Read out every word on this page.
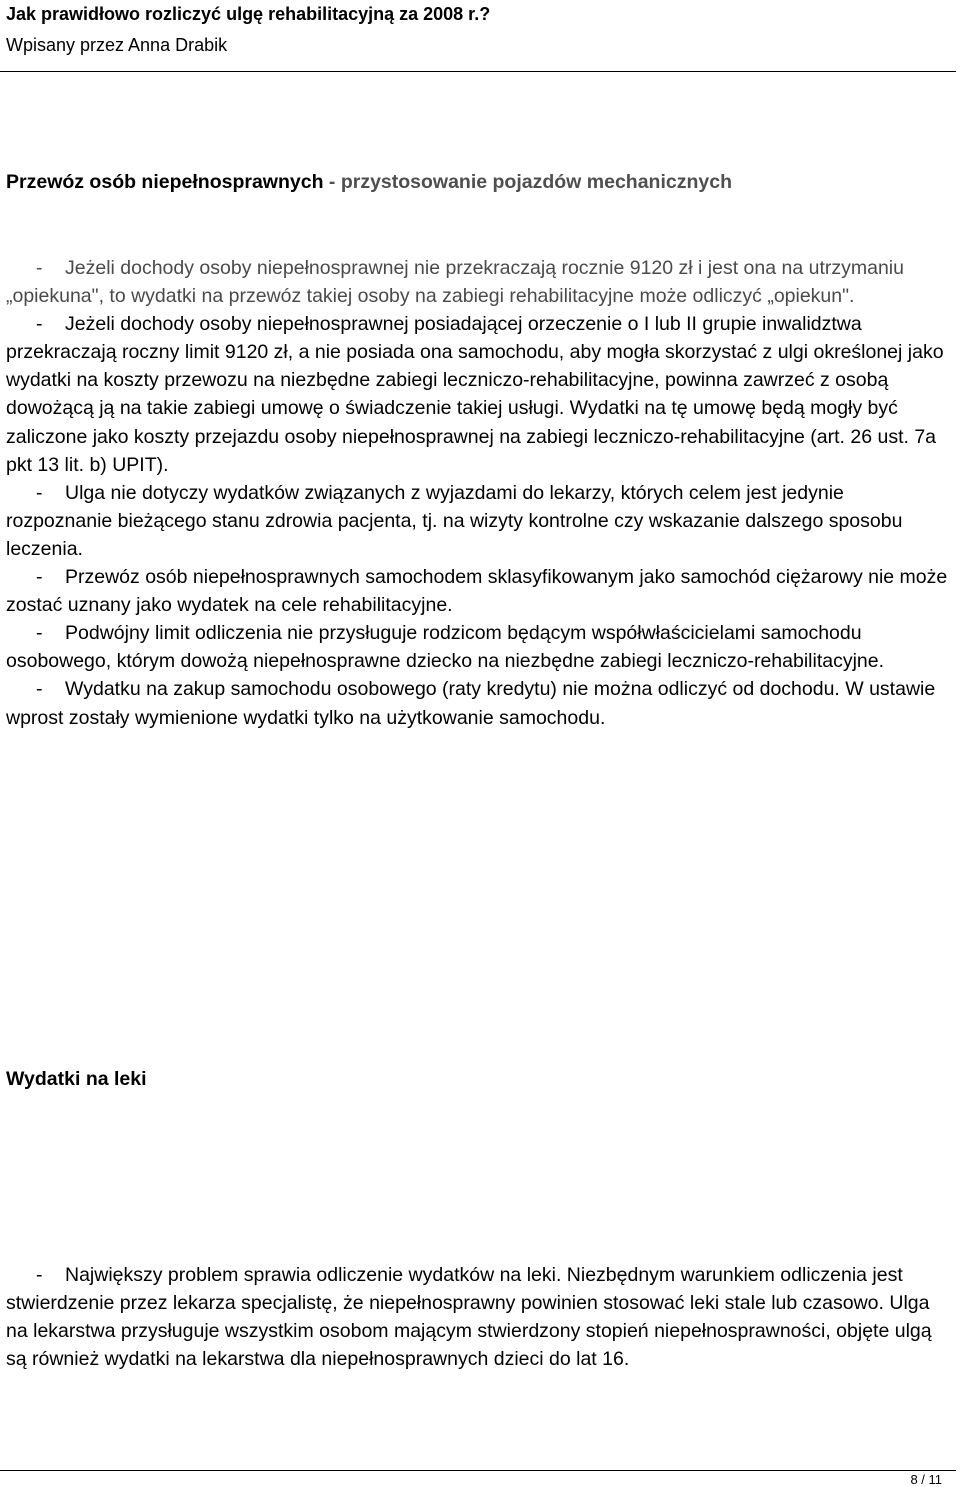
Jak prawidłowo rozliczyć ulgę rehabilitacyjną za 2008 r.?

Wpisany przez Anna Drabik

Przewóz osób niepełnosprawnych - przystosowanie pojazdów mechanicznych

- Jeżeli dochody osoby niepełnosprawnej nie przekraczają rocznie 9120 zł i jest ona na utrzymaniu „opiekuna", to wydatki na przewóz takiej osoby na zabiegi rehabilitacyjne może odliczyć „opiekun".

- Jeżeli dochody osoby niepełnosprawnej posiadającej orzeczenie o I lub II grupie inwalidztwa przekraczają roczny limit 9120 zł, a nie posiada ona samochodu, aby mogła skorzystać z ulgi określonej jako wydatki na koszty przewozu na niezbędne zabiegi leczniczo-rehabilitacyjne, powinna zawrzeć z osobą dowożącą ją na takie zabiegi umowę o świadczenie takiej usługi. Wydatki na tę umowę będą mogły być zaliczone jako koszty przejazdu osoby niepełnosprawnej na zabiegi leczniczo-rehabilitacyjne (art. 26 ust. 7a pkt 13 lit. b) UPIT).

- Ulga nie dotyczy wydatków związanych z wyjazdami do lekarzy, których celem jest jedynie rozpoznanie bieżącego stanu zdrowia pacjenta, tj. na wizyty kontrolne czy wskazanie dalszego sposobu leczenia.

- Przewóz osób niepełnosprawnych samochodem sklasyfikowanym jako samochód ciężarowy nie może zostać uznany jako wydatek na cele rehabilitacyjne.

- Podwójny limit odliczenia nie przysługuje rodzicom będącym współwłaścicielami samochodu osobowego, którym dowożą niepełnosprawne dziecko na niezbędne zabiegi leczniczo-rehabilitacyjne.

- Wydatku na zakup samochodu osobowego (raty kredytu) nie można odliczyć od dochodu. W ustawie wprost zostały wymienione wydatki tylko na użytkowanie samochodu.

Wydatki na leki

- Największy problem sprawia odliczenie wydatków na leki. Niezbędnym warunkiem odliczenia jest stwierdzenie przez lekarza specjalistę, że niepełnosprawny powinien stosować leki stale lub czasowo. Ulga na lekarstwa przysługuje wszystkim osobom mającym stwierdzony stopień niepełnosprawności, objęte ulgą są również wydatki na lekarstwa dla niepełnosprawnych dzieci do lat 16.

8 / 11
